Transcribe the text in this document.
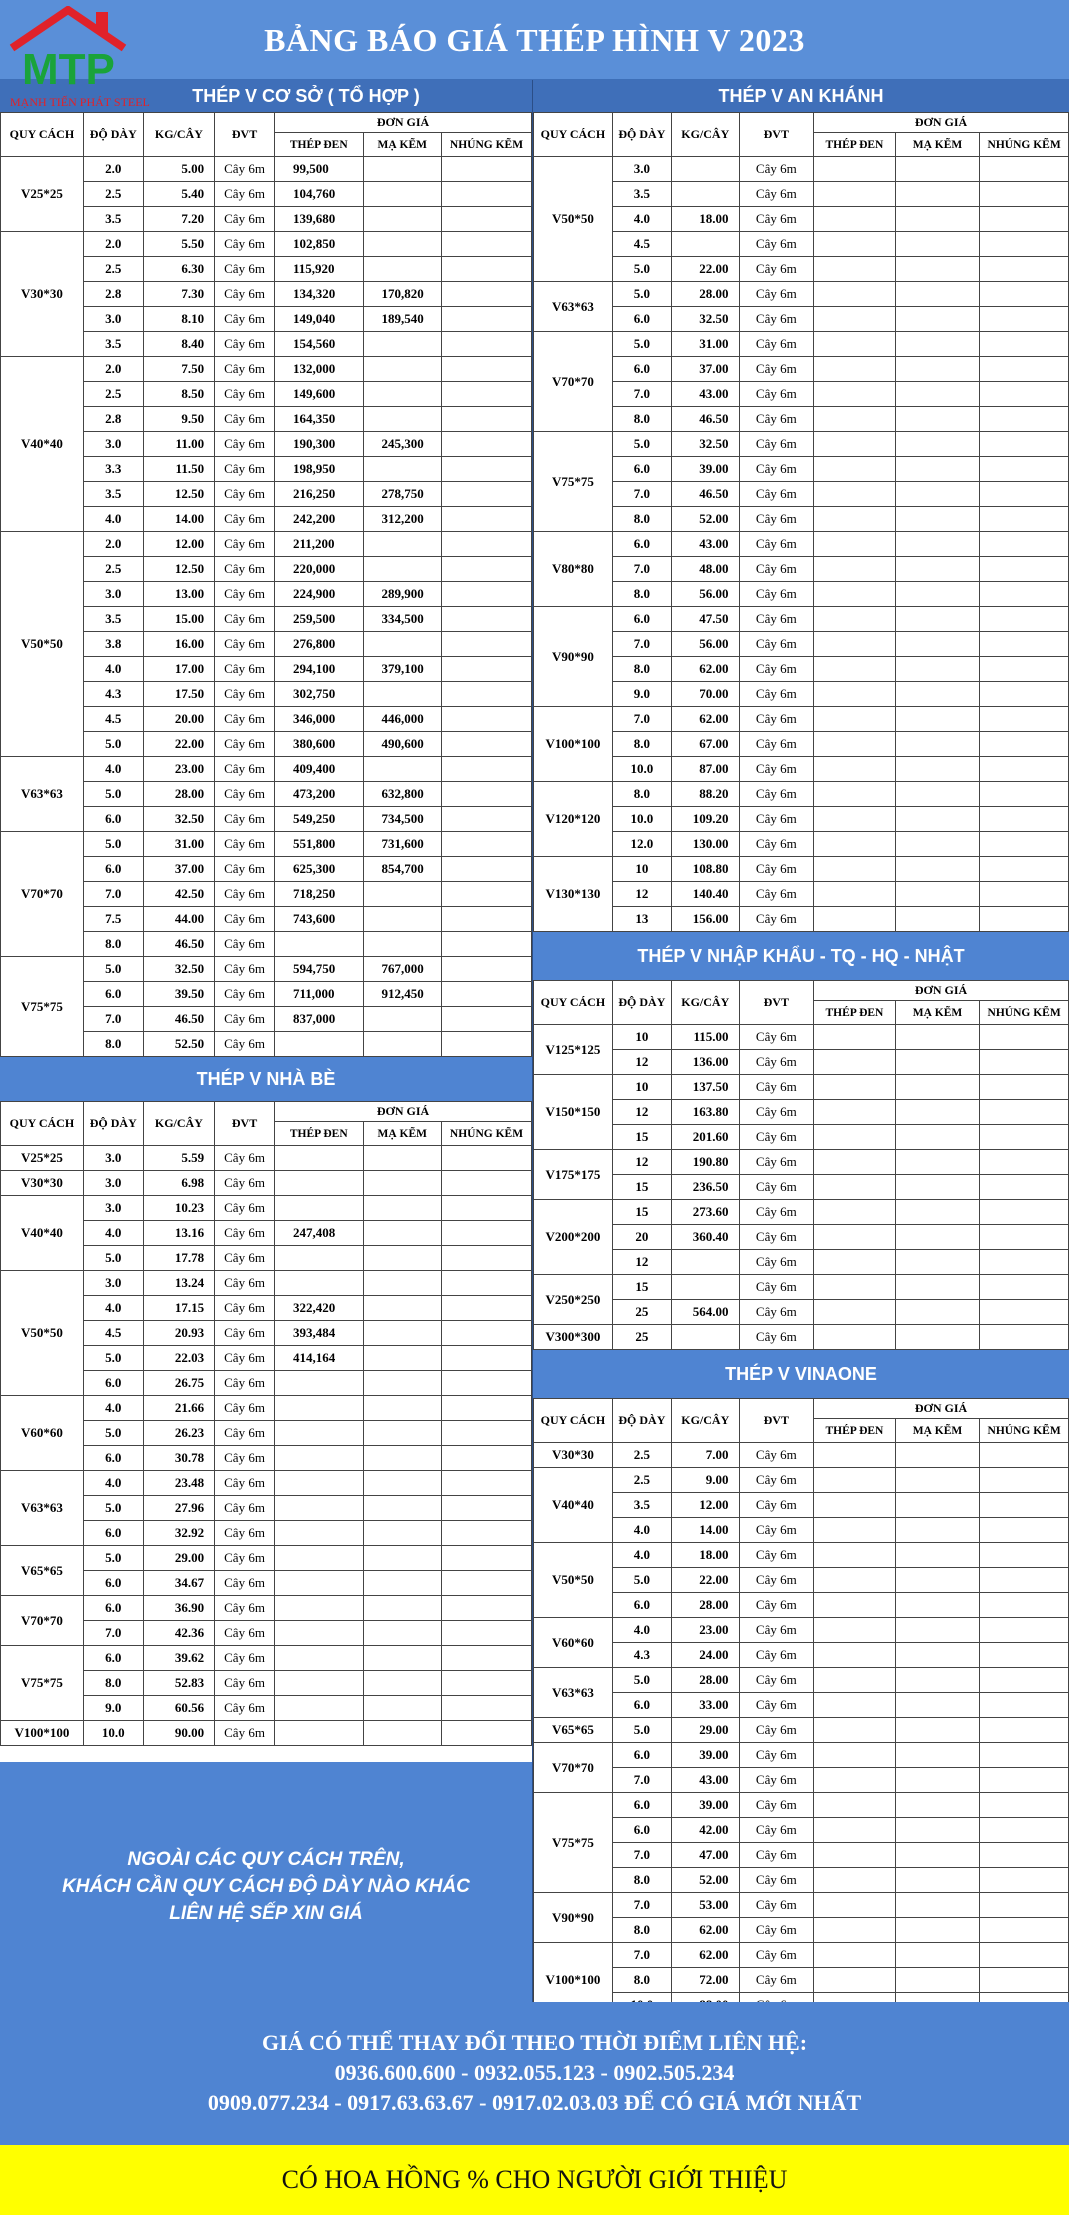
BẢNG BÁO GIÁ THÉP HÌNH V 2023
THÉP V CƠ SỞ ( TỔ HỢP )
QUY CÁCH	ĐỘ DÀY	KG/CÂY	ĐVT	ĐƠN GIÁ		
				THÉP ĐEN	MẠ KẼM	NHÚNG KẼM
V25*25	2.0	5.00	Cây 6m	99,500		
	2.5	5.40	Cây 6m	104,760		
	3.5	7.20	Cây 6m	139,680		
V30*30	2.0	5.50	Cây 6m	102,850		
	2.5	6.30	Cây 6m	115,920		
	2.8	7.30	Cây 6m	134,320	170,820	
	3.0	8.10	Cây 6m	149,040	189,540	
	3.5	8.40	Cây 6m	154,560		
V40*40	2.0	7.50	Cây 6m	132,000		
	2.5	8.50	Cây 6m	149,600		
	2.8	9.50	Cây 6m	164,350		
	3.0	11.00	Cây 6m	190,300	245,300	
	3.3	11.50	Cây 6m	198,950		
	3.5	12.50	Cây 6m	216,250	278,750	
	4.0	14.00	Cây 6m	242,200	312,200	
V50*50	2.0	12.00	Cây 6m	211,200		
	2.5	12.50	Cây 6m	220,000		
	3.0	13.00	Cây 6m	224,900	289,900	
	3.5	15.00	Cây 6m	259,500	334,500	
	3.8	16.00	Cây 6m	276,800		
	4.0	17.00	Cây 6m	294,100	379,100	
	4.3	17.50	Cây 6m	302,750		
	4.5	20.00	Cây 6m	346,000	446,000	
	5.0	22.00	Cây 6m	380,600	490,600	
V63*63	4.0	23.00	Cây 6m	409,400		
	5.0	28.00	Cây 6m	473,200	632,800	
	6.0	32.50	Cây 6m	549,250	734,500	
V70*70	5.0	31.00	Cây 6m	551,800	731,600	
	6.0	37.00	Cây 6m	625,300	854,700	
	7.0	42.50	Cây 6m	718,250		
	7.5	44.00	Cây 6m	743,600		
	8.0	46.50	Cây 6m			
V75*75	5.0	32.50	Cây 6m	594,750	767,000	
	6.0	39.50	Cây 6m	711,000	912,450	
	7.0	46.50	Cây 6m	837,000		
	8.0	52.50	Cây 6m			
THÉP V NHÀ BÈ
QUY CÁCH	ĐỘ DÀY	KG/CÂY	ĐVT	ĐƠN GIÁ		
				THÉP ĐEN	MẠ KẼM	NHÚNG KẼM
V25*25	3.0	5.59	Cây 6m			
V30*30	3.0	6.98	Cây 6m			
V40*40	3.0	10.23	Cây 6m			
	4.0	13.16	Cây 6m	247,408		
	5.0	17.78	Cây 6m			
V50*50	3.0	13.24	Cây 6m			
	4.0	17.15	Cây 6m	322,420		
	4.5	20.93	Cây 6m	393,484		
	5.0	22.03	Cây 6m	414,164		
	6.0	26.75	Cây 6m			
V60*60	4.0	21.66	Cây 6m			
	5.0	26.23	Cây 6m			
	6.0	30.78	Cây 6m			
V63*63	4.0	23.48	Cây 6m			
	5.0	27.96	Cây 6m			
	6.0	32.92	Cây 6m			
V65*65	5.0	29.00	Cây 6m			
	6.0	34.67	Cây 6m			
V70*70	6.0	36.90	Cây 6m			
	7.0	42.36	Cây 6m			
V75*75	6.0	39.62	Cây 6m			
	8.0	52.83	Cây 6m			
	9.0	60.56	Cây 6m			
V100*100	10.0	90.00	Cây 6m			
THÉP V AN KHÁNH
QUY CÁCH	ĐỘ DÀY	KG/CÂY	ĐVT	ĐƠN GIÁ		
				THÉP ĐEN	MẠ KẼM	NHÚNG KẼM
V50*50	3.0		Cây 6m			
	3.5		Cây 6m			
	4.0	18.00	Cây 6m			
	4.5		Cây 6m			
	5.0	22.00	Cây 6m			
V63*63	5.0	28.00	Cây 6m			
	6.0	32.50	Cây 6m			
V70*70	5.0	31.00	Cây 6m			
	6.0	37.00	Cây 6m			
	7.0	43.00	Cây 6m			
	8.0	46.50	Cây 6m			
V75*75	5.0	32.50	Cây 6m			
	6.0	39.00	Cây 6m			
	7.0	46.50	Cây 6m			
	8.0	52.00	Cây 6m			
V80*80	6.0	43.00	Cây 6m			
	7.0	48.00	Cây 6m			
	8.0	56.00	Cây 6m			
V90*90	6.0	47.50	Cây 6m			
	7.0	56.00	Cây 6m			
	8.0	62.00	Cây 6m			
	9.0	70.00	Cây 6m			
V100*100	7.0	62.00	Cây 6m			
	8.0	67.00	Cây 6m			
	10.0	87.00	Cây 6m			
V120*120	8.0	88.20	Cây 6m			
	10.0	109.20	Cây 6m			
	12.0	130.00	Cây 6m			
V130*130	10	108.80	Cây 6m			
	12	140.40	Cây 6m			
	13	156.00	Cây 6m			
THÉP V NHẬP KHẨU - TQ - HQ - NHẬT
QUY CÁCH	ĐỘ DÀY	KG/CÂY	ĐVT	ĐƠN GIÁ		
				THÉP ĐEN	MẠ KẼM	NHÚNG KẼM
V125*125	10	115.00	Cây 6m			
	12	136.00	Cây 6m			
V150*150	10	137.50	Cây 6m			
	12	163.80	Cây 6m			
	15	201.60	Cây 6m			
V175*175	12	190.80	Cây 6m			
	15	236.50	Cây 6m			
V200*200	15	273.60	Cây 6m			
	20	360.40	Cây 6m			
	12		Cây 6m			
V250*250	15		Cây 6m			
	25	564.00	Cây 6m			
V300*300	25		Cây 6m			
THÉP V VINAONE
QUY CÁCH	ĐỘ DÀY	KG/CÂY	ĐVT	ĐƠN GIÁ		
				THÉP ĐEN	MẠ KẼM	NHÚNG KẼM
V30*30	2.5	7.00	Cây 6m			
V40*40	2.5	9.00	Cây 6m			
	3.5	12.00	Cây 6m			
	4.0	14.00	Cây 6m			
V50*50	4.0	18.00	Cây 6m			
	5.0	22.00	Cây 6m			
	6.0	28.00	Cây 6m			
V60*60	4.0	23.00	Cây 6m			
	4.3	24.00	Cây 6m			
V63*63	5.0	28.00	Cây 6m			
	6.0	33.00	Cây 6m			
V65*65	5.0	29.00	Cây 6m			
V70*70	6.0	39.00	Cây 6m			
	7.0	43.00	Cây 6m			
V75*75	6.0	39.00	Cây 6m			
	6.0	42.00	Cây 6m			
	7.0	47.00	Cây 6m			
	8.0	52.00	Cây 6m			
V90*90	7.0	53.00	Cây 6m			
	8.0	62.00	Cây 6m			
V100*100	7.0	62.00	Cây 6m			
	8.0	72.00	Cây 6m			

MTP
MẠNH TIẾN PHÁT STEEL
NGOÀI CÁC QUY CÁCH TRÊN,
KHÁCH CẦN QUY CÁCH ĐỘ DÀY NÀO KHÁC
LIÊN HỆ SẾP XIN GIÁ
GIÁ CÓ THỂ THAY ĐỔI THEO THỜI ĐIỂM LIÊN HỆ:
0936.600.600 - 0932.055.123 - 0902.505.234
0909.077.234 - 0917.63.63.67 - 0917.02.03.03 ĐỂ CÓ GIÁ MỚI NHẤT
CÓ HOA HỒNG % CHO NGƯỜI GIỚI THIỆU
